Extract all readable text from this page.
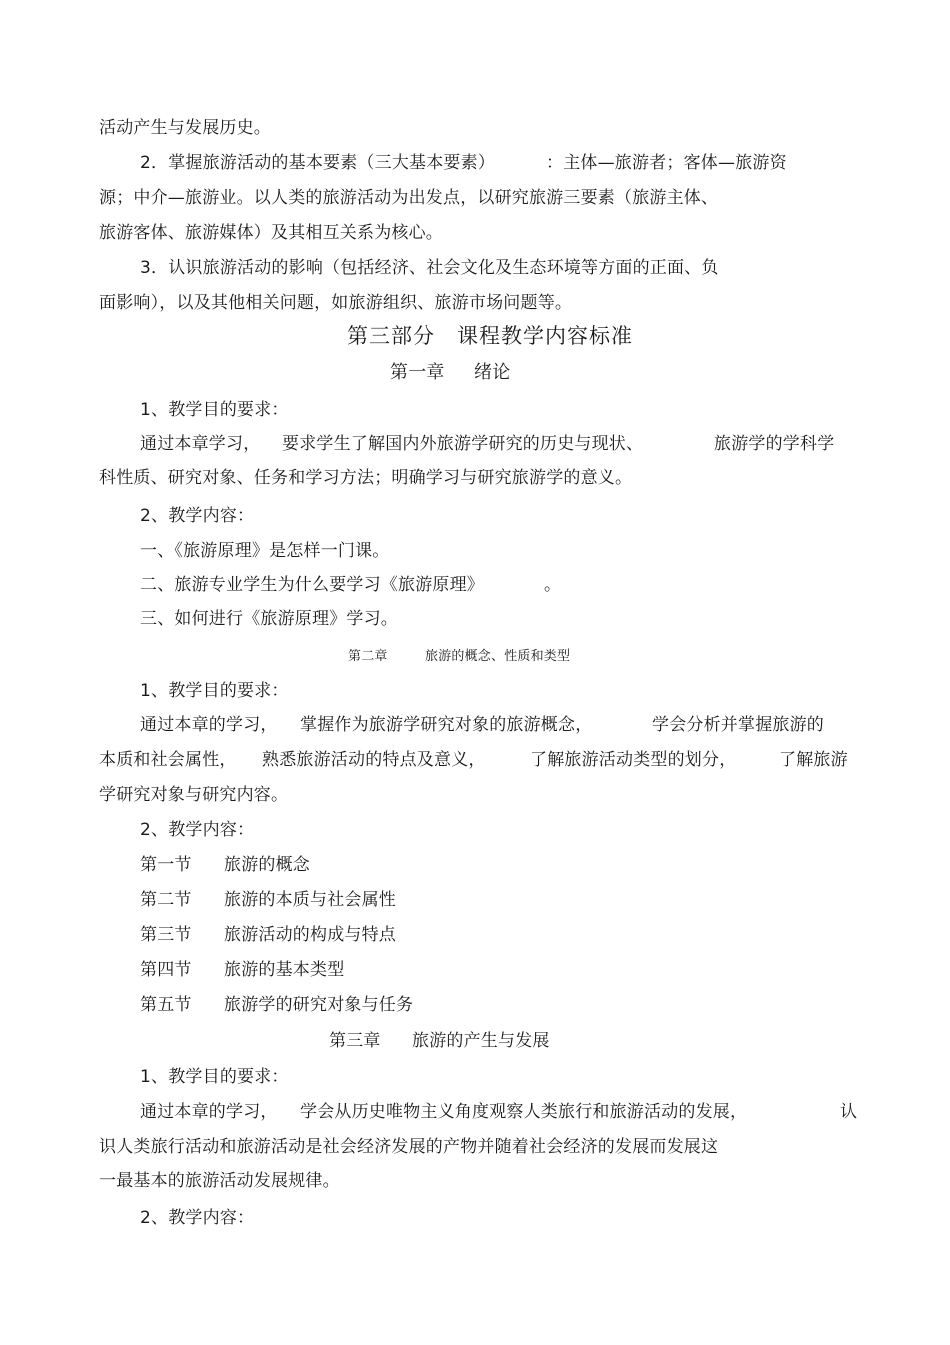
活动产生与发展历史。
2．掌握旅游活动的基本要素（三大基本要素）	：主体—旅游者；客体—旅游资
源；中介—旅游业。以人类的旅游活动为出发点，以研究旅游三要素（旅游主体、
旅游客体、旅游媒体）及其相互关系为核心。
3．认识旅游活动的影响（包括经济、社会文化及生态环境等方面的正面、负
面影响），以及其他相关问题，如旅游组织、旅游市场问题等。
第三部分　课程教学内容标准
第一章 绪论
1、教学目的要求：
通过本章学习， 要求学生了解国内外旅游学研究的历史与现状、	旅游学的学科学
科性质、研究对象、任务和学习方法；明确学习与研究旅游学的意义。
2、教学内容：
一、《旅游原理》是怎样一门课。
二、旅游专业学生为什么要学习《旅游原理》	。
三、如何进行《旅游原理》学习。
第二章	旅游的概念、性质和类型
1、教学目的要求：
通过本章的学习， 掌握作为旅游学研究对象的旅游概念，	学会分析并掌握旅游的
本质和社会属性， 熟悉旅游活动的特点及意义，	了解旅游活动类型的划分，	了解旅游
学研究对象与研究内容。
2、教学内容：
第一节 旅游的概念
第二节 旅游的本质与社会属性
第三节 旅游活动的构成与特点
第四节 旅游的基本类型
第五节 旅游学的研究对象与任务
第三章 旅游的产生与发展
1、教学目的要求：
通过本章的学习， 学会从历史唯物主义角度观察人类旅行和旅游活动的发展，	认
识人类旅行活动和旅游活动是社会经济发展的产物并随着社会经济的发展而发展这
一最基本的旅游活动发展规律。
2、教学内容：
